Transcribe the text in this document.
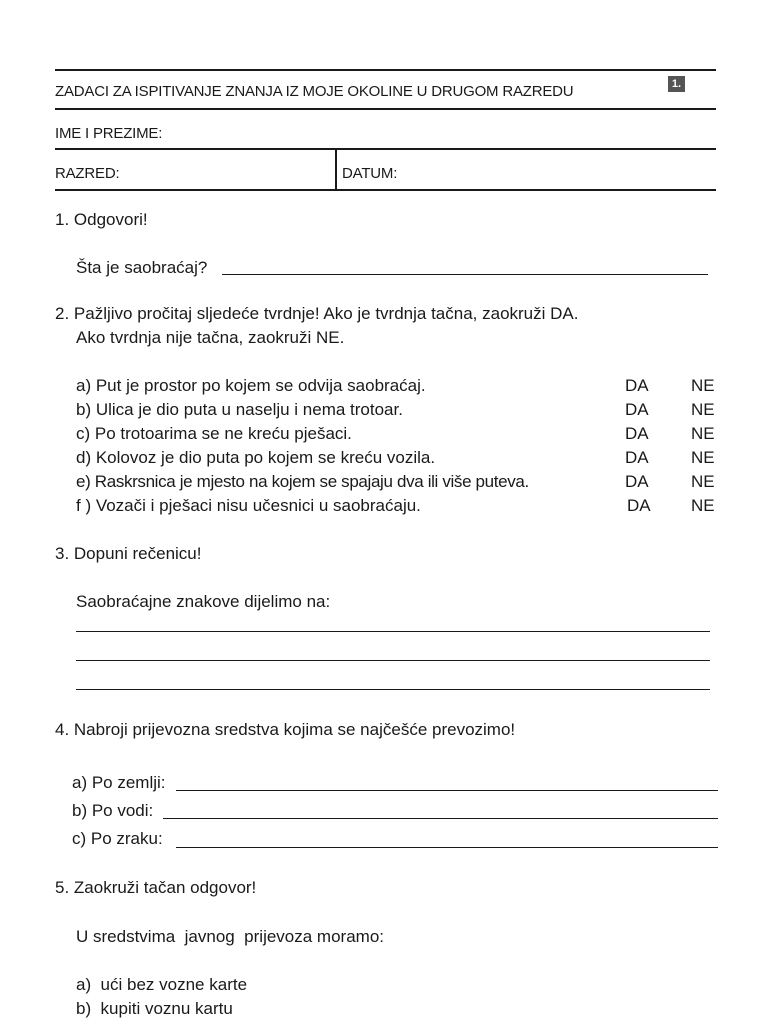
ZADACI ZA ISPITIVANJE ZNANJA IZ MOJE OKOLINE U DRUGOM RAZREDU	1.
IME I PREZIME:
RAZRED:	DATUM:
1. Odgovori!
Šta je saobraćaj?
2. Pažljivo pročitaj sljedeće tvrdnje! Ako je tvrdnja tačna, zaokruži DA.
Ako tvrdnja nije tačna, zaokruži NE.
a) Put je prostor po kojem se odvija saobraćaj.	DA NE
b) Ulica je dio puta u naselju i nema trotoar.	DA NE
c) Po trotoarima se ne kreću pješaci.	DA NE
d) Kolovoz je dio puta po kojem se kreću vozila.	DA NE
e) Raskrsnica je mjesto na kojem se spajaju dva ili više puteva.	DA NE
f ) Vozači i pješaci nisu učesnici u saobraćaju.	DA NE
3. Dopuni rečenicu!
Saobraćajne znakove dijelimo na:
4. Nabroji prijevozna sredstva kojima se najčešće prevozimo!
a) Po zemlji:
b) Po vodi:
c) Po zraku:
5. Zaokruži tačan odgovor!
U sredstvima  javnog  prijevoza moramo:
a)  ući bez vozne karte
b)  kupiti voznu kartu
